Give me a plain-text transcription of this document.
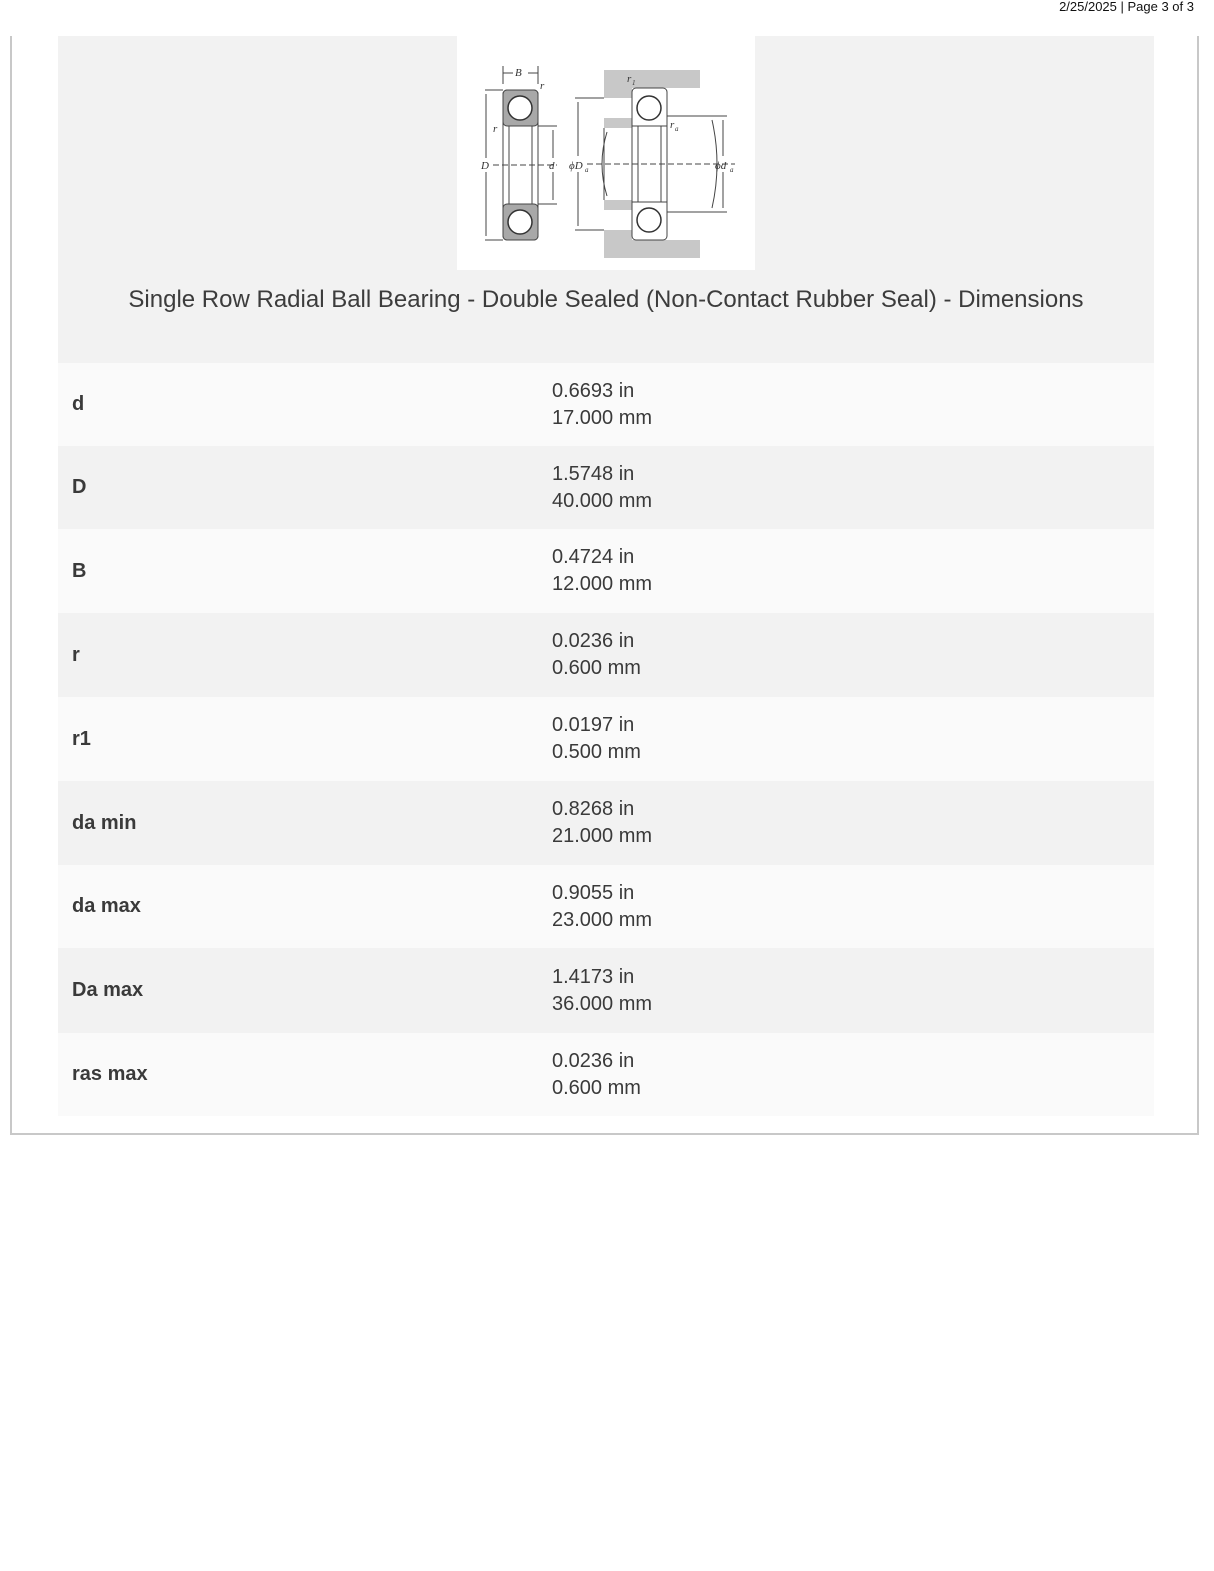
2/25/2025 | Page 3 of 3
B
r
r
D	d ϕD a
r 1
r a
ϕd a
Single Row Radial Ball Bearing - Double Sealed (Non-Contact Rubber Seal) - Dimensions
d
0.6693 in
17.000 mm
D
1.5748 in
40.000 mm
B
0.4724 in
12.000 mm
r
0.0236 in
0.600 mm
r1
0.0197 in
0.500 mm
da min
0.8268 in
21.000 mm
da max
0.9055 in
23.000 mm
Da max
1.4173 in
36.000 mm
ras max
0.0236 in
0.600 mm
